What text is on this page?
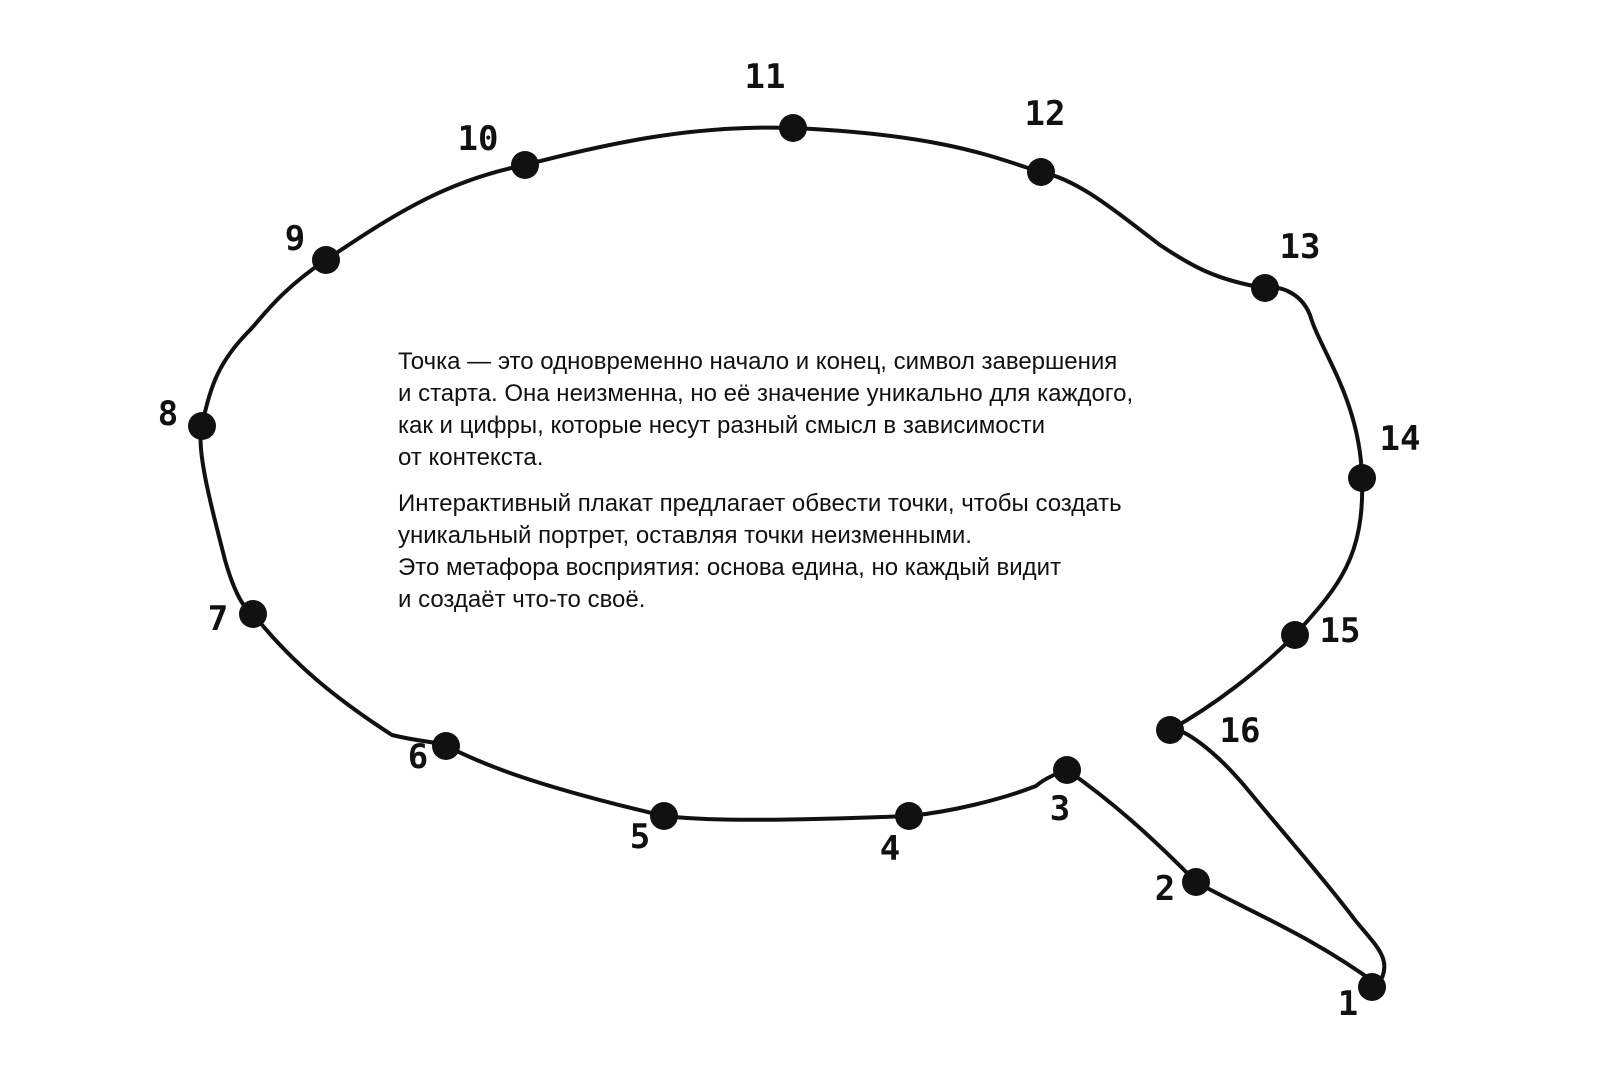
1
2
3
4
5
6
7
8
9
10
11
12
13
14
15
16

Точка — это одновременно начало и конец, символ завершения
и старта. Она неизменна, но её значение уникально для каждого,
как и цифры, которые несут разный смысл в зависимости
от контекста.

Интерактивный плакат предлагает обвести точки, чтобы создать
уникальный портрет, оставляя точки неизменными.
Это метафора восприятия: основа едина, но каждый видит
и создаёт что-то своё.
